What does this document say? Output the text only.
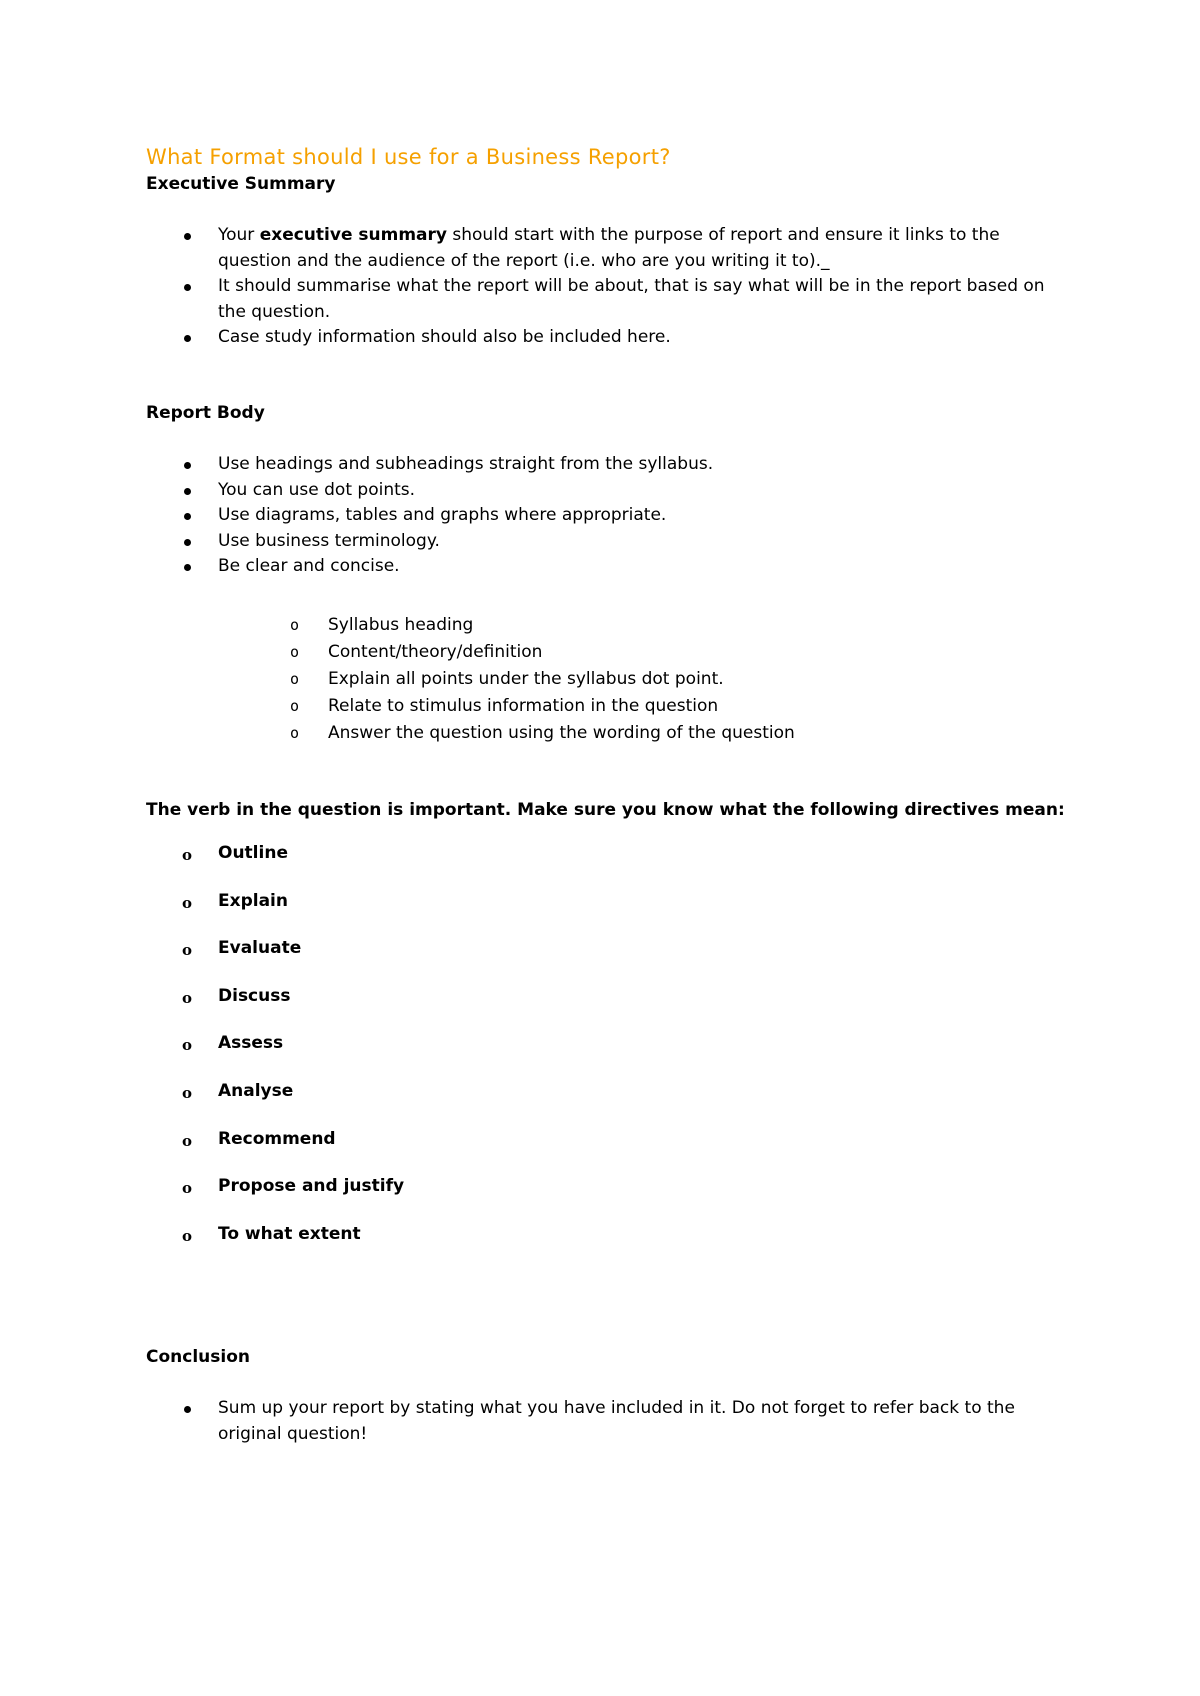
What Format should I use for a Business Report?
Executive Summary
Your executive summary should start with the purpose of report and ensure it links to the question and the audience of the report (i.e. who are you writing it to)._
It should summarise what the report will be about, that is say what will be in the report based on the question.
Case study information should also be included here.
Report Body
Use headings and subheadings straight from the syllabus.
You can use dot points.
Use diagrams, tables and graphs where appropriate.
Use business terminology.
Be clear and concise.
o Syllabus heading
o Content/theory/definition
o Explain all points under the syllabus dot point.
o Relate to stimulus information in the question
o Answer the question using the wording of the question

The verb in the question is important. Make sure you know what the following directives mean:

o Outline
o Explain
o Evaluate
o Discuss
o Assess
o Analyse
o Recommend
o Propose and justify
o To what extent
Conclusion
Sum up your report by stating what you have included in it. Do not forget to refer back to the original question!
